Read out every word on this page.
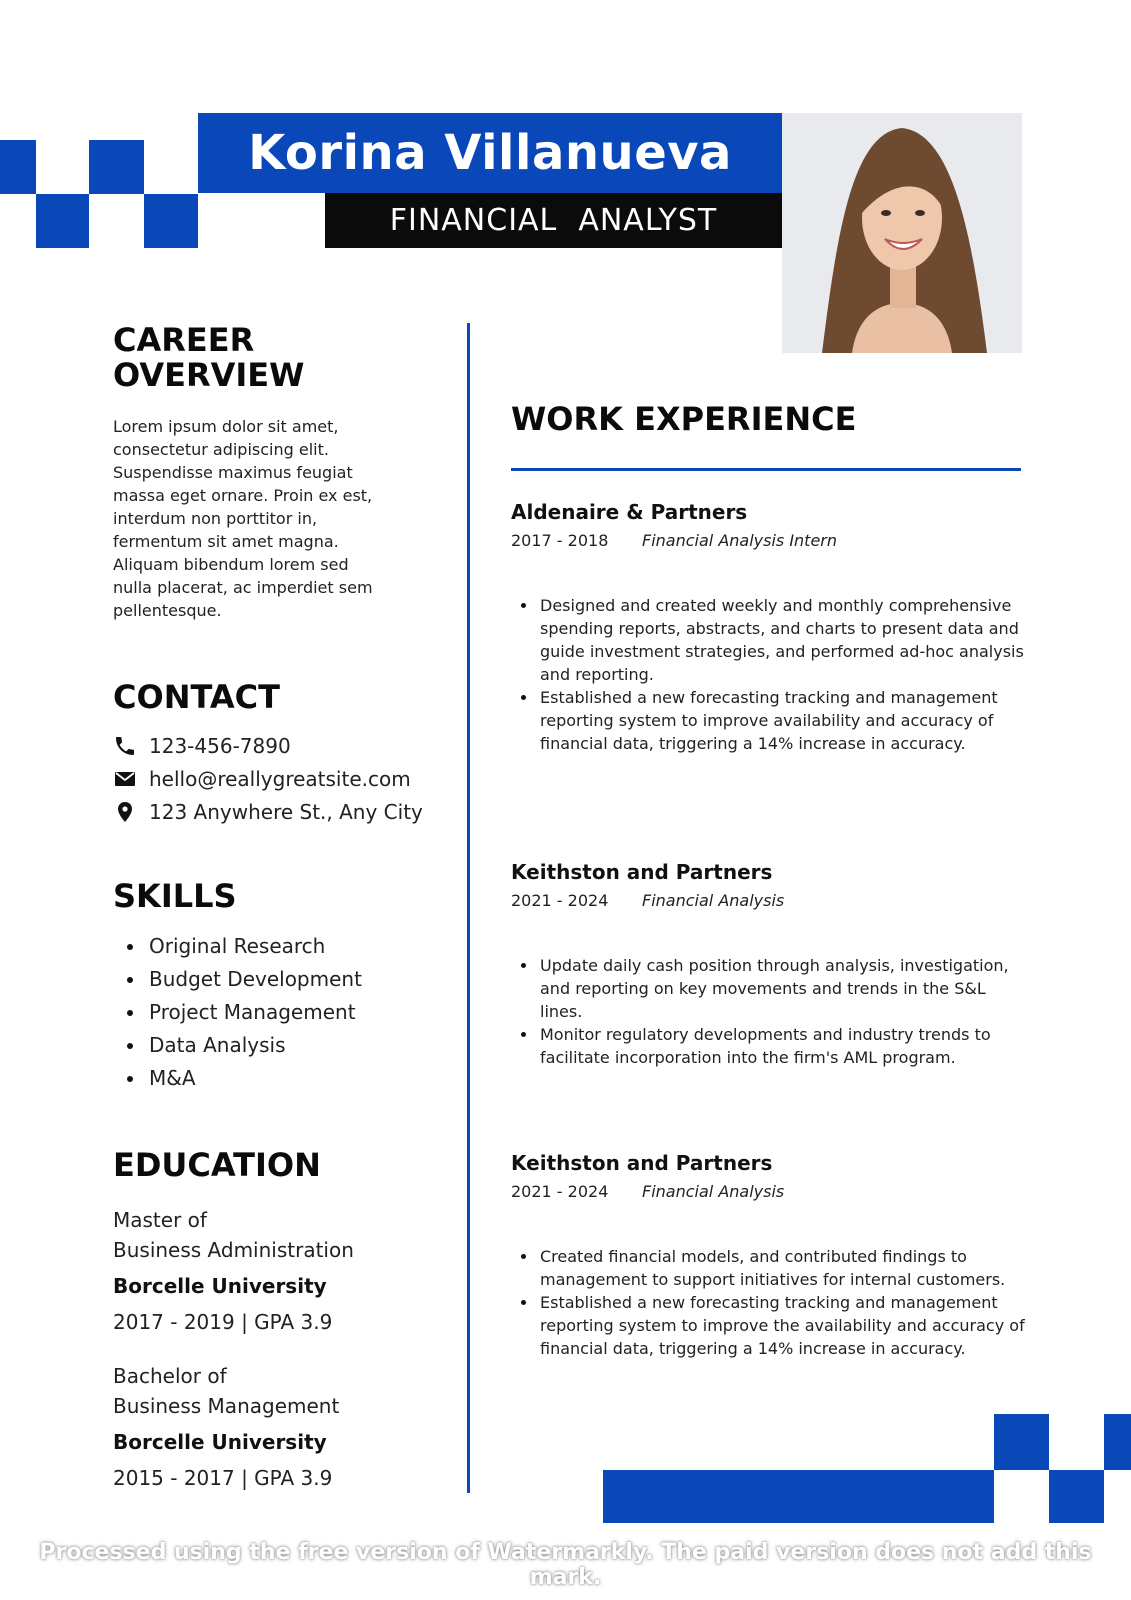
Korina Villanueva
FINANCIAL  ANALYST
CAREER
OVERVIEW

Lorem ipsum dolor sit amet, consectetur adipiscing elit. Suspendisse maximus feugiat massa eget ornare. Proin ex est, interdum non porttitor in, fermentum sit amet magna. Aliquam bibendum lorem sed nulla placerat, ac imperdiet sem pellentesque.

CONTACT
123-456-7890
hello@reallygreatsite.com
123 Anywhere St., Any City
SKILLS
Original Research
Budget Development
Project Management
Data Analysis
M&A
EDUCATION

Master of
Business Administration

Borcelle University

2017 - 2019 | GPA 3.9

Bachelor of
Business Management

Borcelle University

2015 - 2017 | GPA 3.9

WORK EXPERIENCE

Aldenaire & Partners

2017 - 2018	Financial Analysis Intern
Designed and created weekly and monthly comprehensive spending reports, abstracts, and charts to present data and guide investment strategies, and performed ad-hoc analysis and reporting.
Established a new forecasting tracking and management reporting system to improve availability and accuracy of financial data, triggering a 14% increase in accuracy.

Keithston and Partners

2021 - 2024	Financial Analysis
Update daily cash position through analysis, investigation, and reporting on key movements and trends in the S&L lines.
Monitor regulatory developments and industry trends to facilitate incorporation into the firm's AML program.

Keithston and Partners

2021 - 2024	Financial Analysis
Created financial models, and contributed findings to management to support initiatives for internal customers.
Established a new forecasting tracking and management reporting system to improve the availability and accuracy of financial data, triggering a 14% increase in accuracy.
Processed using the free version of Watermarkly. The paid version does not add this mark.
